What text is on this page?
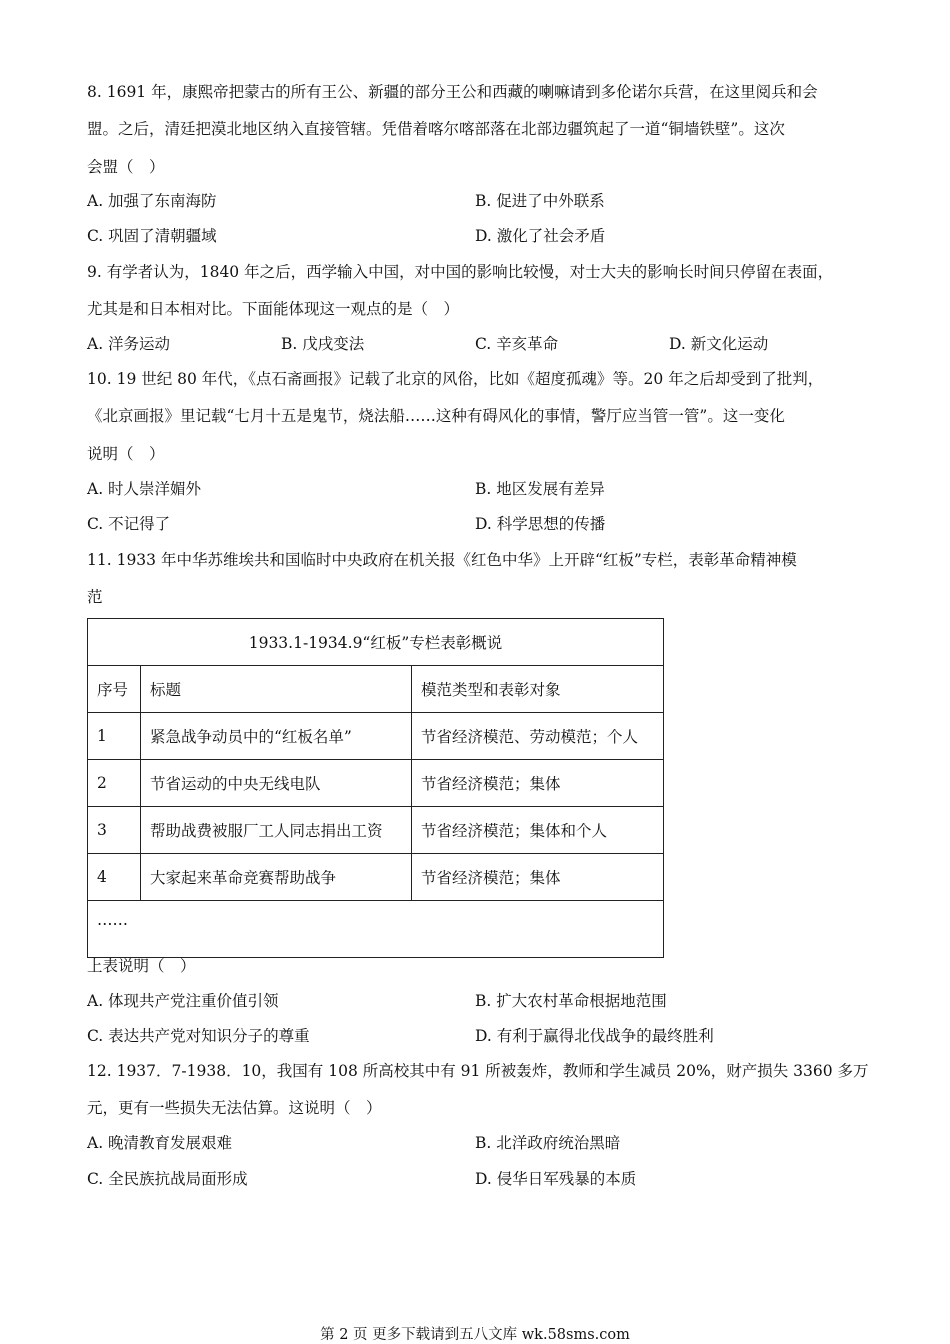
8. 1691 年，康熙帝把蒙古的所有王公、新疆的部分王公和西藏的喇嘛请到多伦诺尔兵营，在这里阅兵和会
盟。之后，清廷把漠北地区纳入直接管辖。凭借着喀尔喀部落在北部边疆筑起了一道“铜墙铁壁”。这次
会盟（　）
A. 加强了东南海防	B. 促进了中外联系
C. 巩固了清朝疆域	D. 激化了社会矛盾
9. 有学者认为，1840 年之后，西学输入中国，对中国的影响比较慢，对士大夫的影响长时间只停留在表面，
尤其是和日本相对比。下面能体现这一观点的是（　）
A. 洋务运动	B. 戊戌变法	C. 辛亥革命	D. 新文化运动
10. 19 世纪 80 年代，《点石斋画报》记载了北京的风俗，比如《超度孤魂》等。20 年之后却受到了批判，
《北京画报》里记载“七月十五是鬼节，烧法船……这种有碍风化的事情，警厅应当管一管”。这一变化
说明（　）
A. 时人崇洋媚外	B. 地区发展有差异
C. 不记得了	D. 科学思想的传播
11. 1933 年中华苏维埃共和国临时中央政府在机关报《红色中华》上开辟“红板”专栏，表彰革命精神模
范
1933.1-1934.9“红板”专栏表彰概说		
序号	标题	模范类型和表彰对象
1	紧急战争动员中的“红板名单”	节省经济模范、劳动模范；个人
2	节省运动的中央无线电队	节省经济模范；集体
3	帮助战费被服厂工人同志捐出工资	节省经济模范；集体和个人
4	大家起来革命竞赛帮助战争	节省经济模范；集体
……		
上表说明（　）
A. 体现共产党注重价值引领	B. 扩大农村革命根据地范围
C. 表达共产党对知识分子的尊重	D. 有利于赢得北伐战争的最终胜利
12. 1937．7-1938．10，我国有 108 所高校其中有 91 所被轰炸，教师和学生减员 20%，财产损失 3360 多万
元，更有一些损失无法估算。这说明（　）
A. 晚清教育发展艰难	B. 北洋政府统治黑暗
C. 全民族抗战局面形成	D. 侵华日军残暴的本质
第 2 页 更多下载请到五八文库 wk.58sms.com
